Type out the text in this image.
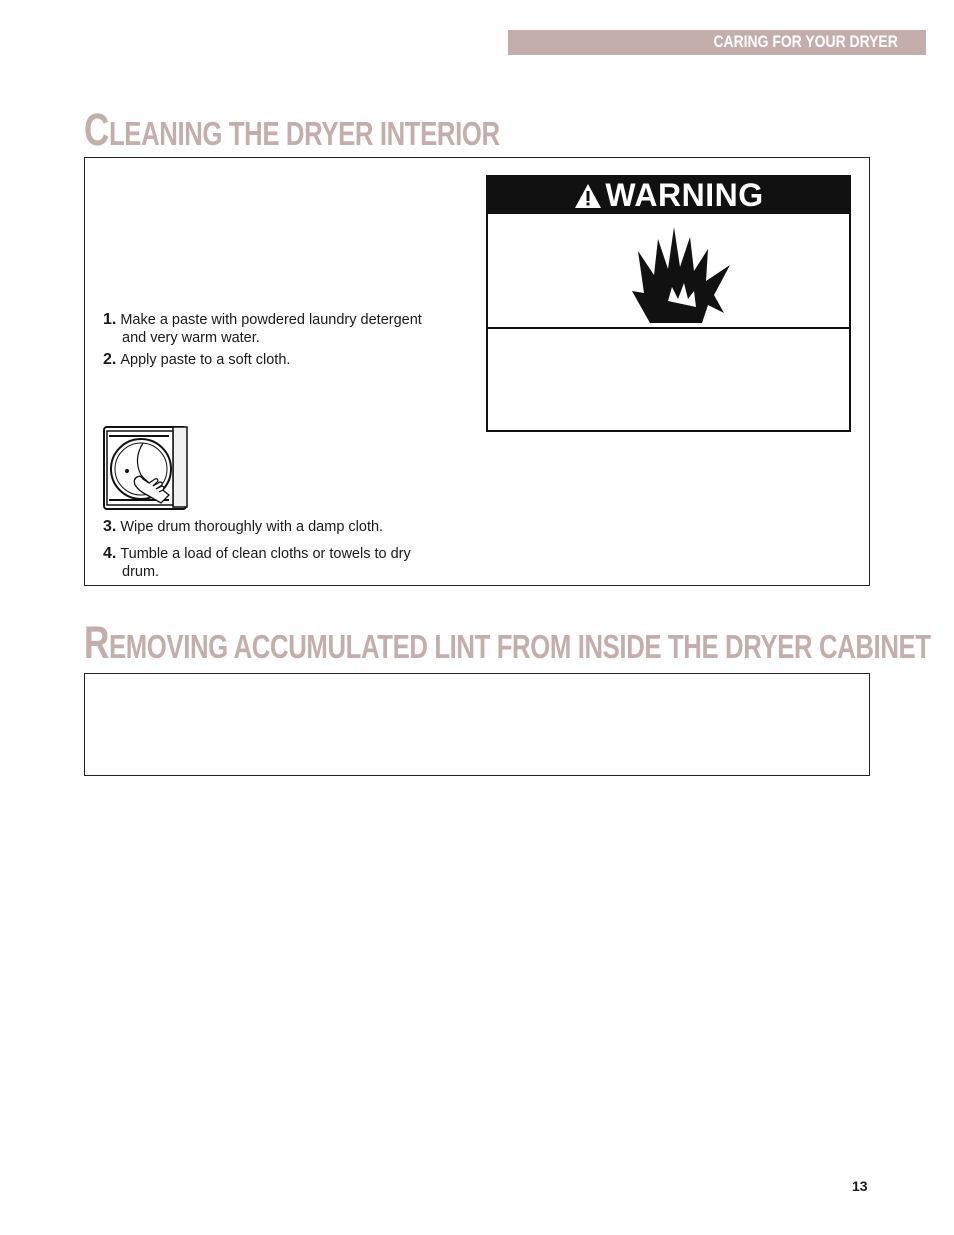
CARING FOR YOUR DRYER
CLEANING THE DRYER INTERIOR
1. Make a paste with powdered laundry detergent
and very warm water.
2. Apply paste to a soft cloth.
3. Wipe drum thoroughly with a damp cloth.
4. Tumble a load of clean cloths or towels to dry
drum.
WARNING
REMOVING ACCUMULATED LINT FROM INSIDE THE DRYER CABINET
13
